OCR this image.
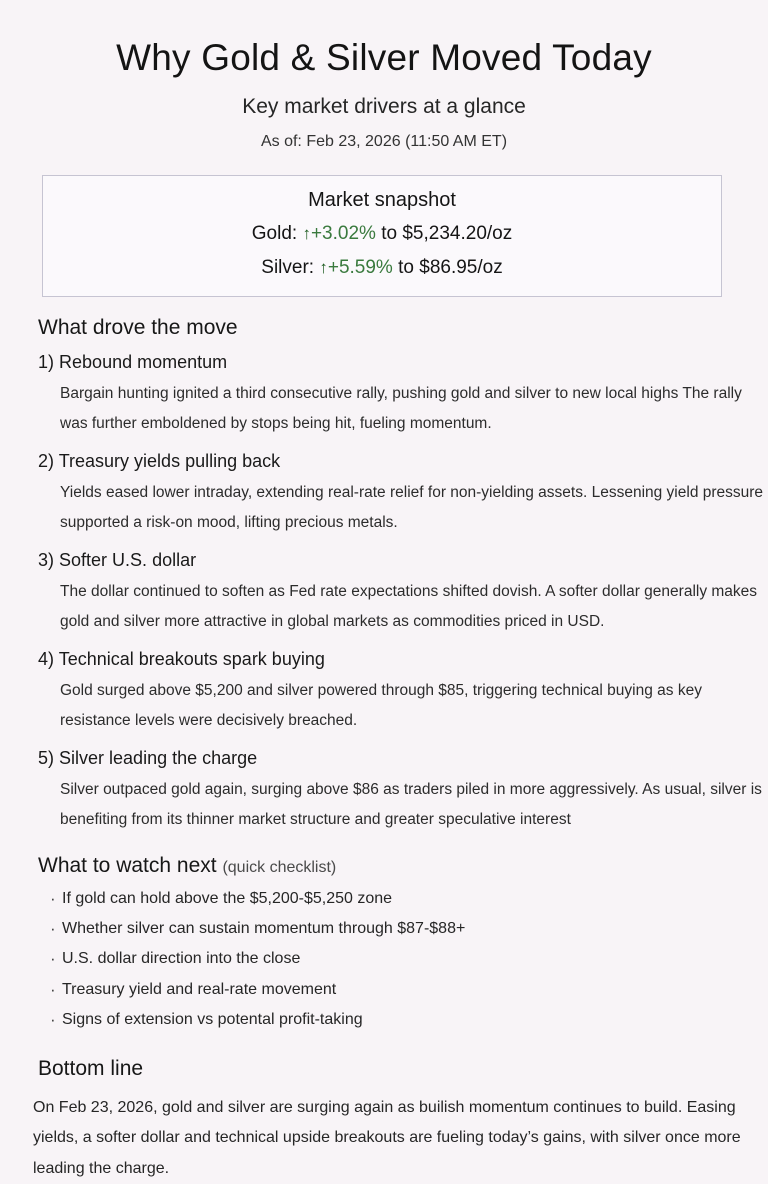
Why Gold & Silver Moved Today
Key market drivers at a glance
As of: Feb 23, 2026 (11:50 AM ET)
Market snapshot
Gold: ↑+3.02% to $5,234.20/oz
Silver: ↑+5.59% to $86.95/oz
What drove the move
1) Rebound momentum
Bargain hunting ignited a third consecutive rally, pushing gold and silver to new local highs The rally was further emboldened by stops being hit, fueling momentum.
2) Treasury yields pulling back
Yields eased lower intraday, extending real-rate relief for non-yielding assets. Lessening yield pressure supported a risk-on mood, lifting precious metals.
3) Softer U.S. dollar
The dollar continued to soften as Fed rate expectations shifted dovish. A softer dollar generally makes gold and silver more attractive in global markets as commodities priced in USD.
4) Technical breakouts spark buying
Gold surged above $5,200 and silver powered through $85, triggering technical buying as key resistance levels were decisively breached.
5) Silver leading the charge
Silver outpaced gold again, surging above $86 as traders piled in more aggressively. As usual, silver is benefiting from its thinner market structure and greater speculative interest
What to watch next (quick checklist)
· If gold can hold above the $5,200-$5,250 zone
· Whether silver can sustain momentum through $87-$88+
· U.S. dollar direction into the close
· Treasury yield and real-rate movement
· Signs of extension vs potental profit-taking
Bottom line
On Feb 23, 2026, gold and silver are surging again as builish momentum continues to build. Easing yields, a softer dollar and technical upside breakouts are fueling today’s gains, with silver once more leading the charge.
